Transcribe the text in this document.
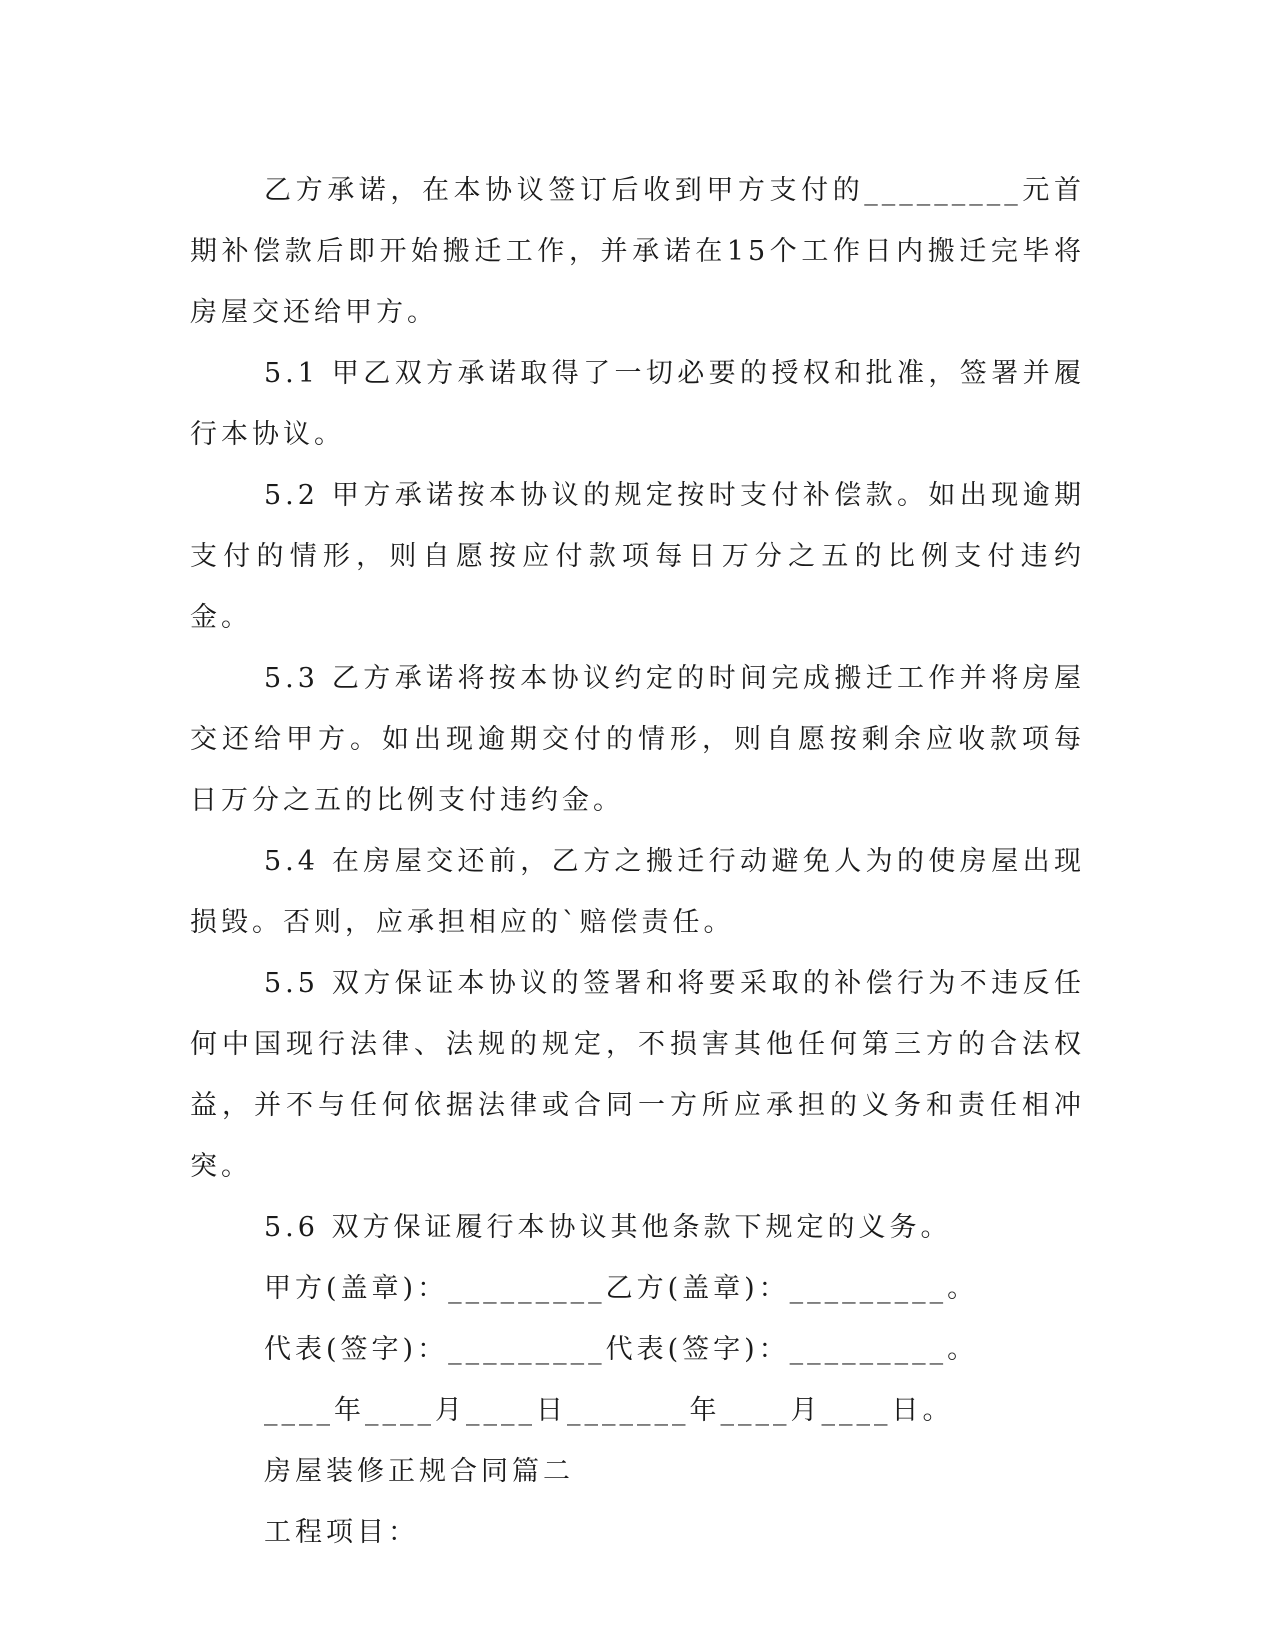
乙方承诺，在本协议签订后收到甲方支付的_________元首期补偿款后即开始搬迁工作，并承诺在15个工作日内搬迁完毕将房屋交还给甲方。

5.1 甲乙双方承诺取得了一切必要的授权和批准，签署并履行本协议。

5.2 甲方承诺按本协议的规定按时支付补偿款。如出现逾期支付的情形，则自愿按应付款项每日万分之五的比例支付违约金。

5.3 乙方承诺将按本协议约定的时间完成搬迁工作并将房屋交还给甲方。如出现逾期交付的情形，则自愿按剩余应收款项每日万分之五的比例支付违约金。

5.4 在房屋交还前，乙方之搬迁行动避免人为的使房屋出现损毁。否则，应承担相应的`赔偿责任。

5.5 双方保证本协议的签署和将要采取的补偿行为不违反任何中国现行法律、法规的规定，不损害其他任何第三方的合法权益，并不与任何依据法律或合同一方所应承担的义务和责任相冲突。

5.6 双方保证履行本协议其他条款下规定的义务。

甲方(盖章)：_________乙方(盖章)：_________。

代表(签字)：_________代表(签字)：_________。

____年____月____日_______年____月____日。

房屋装修正规合同篇二

工程项目：
